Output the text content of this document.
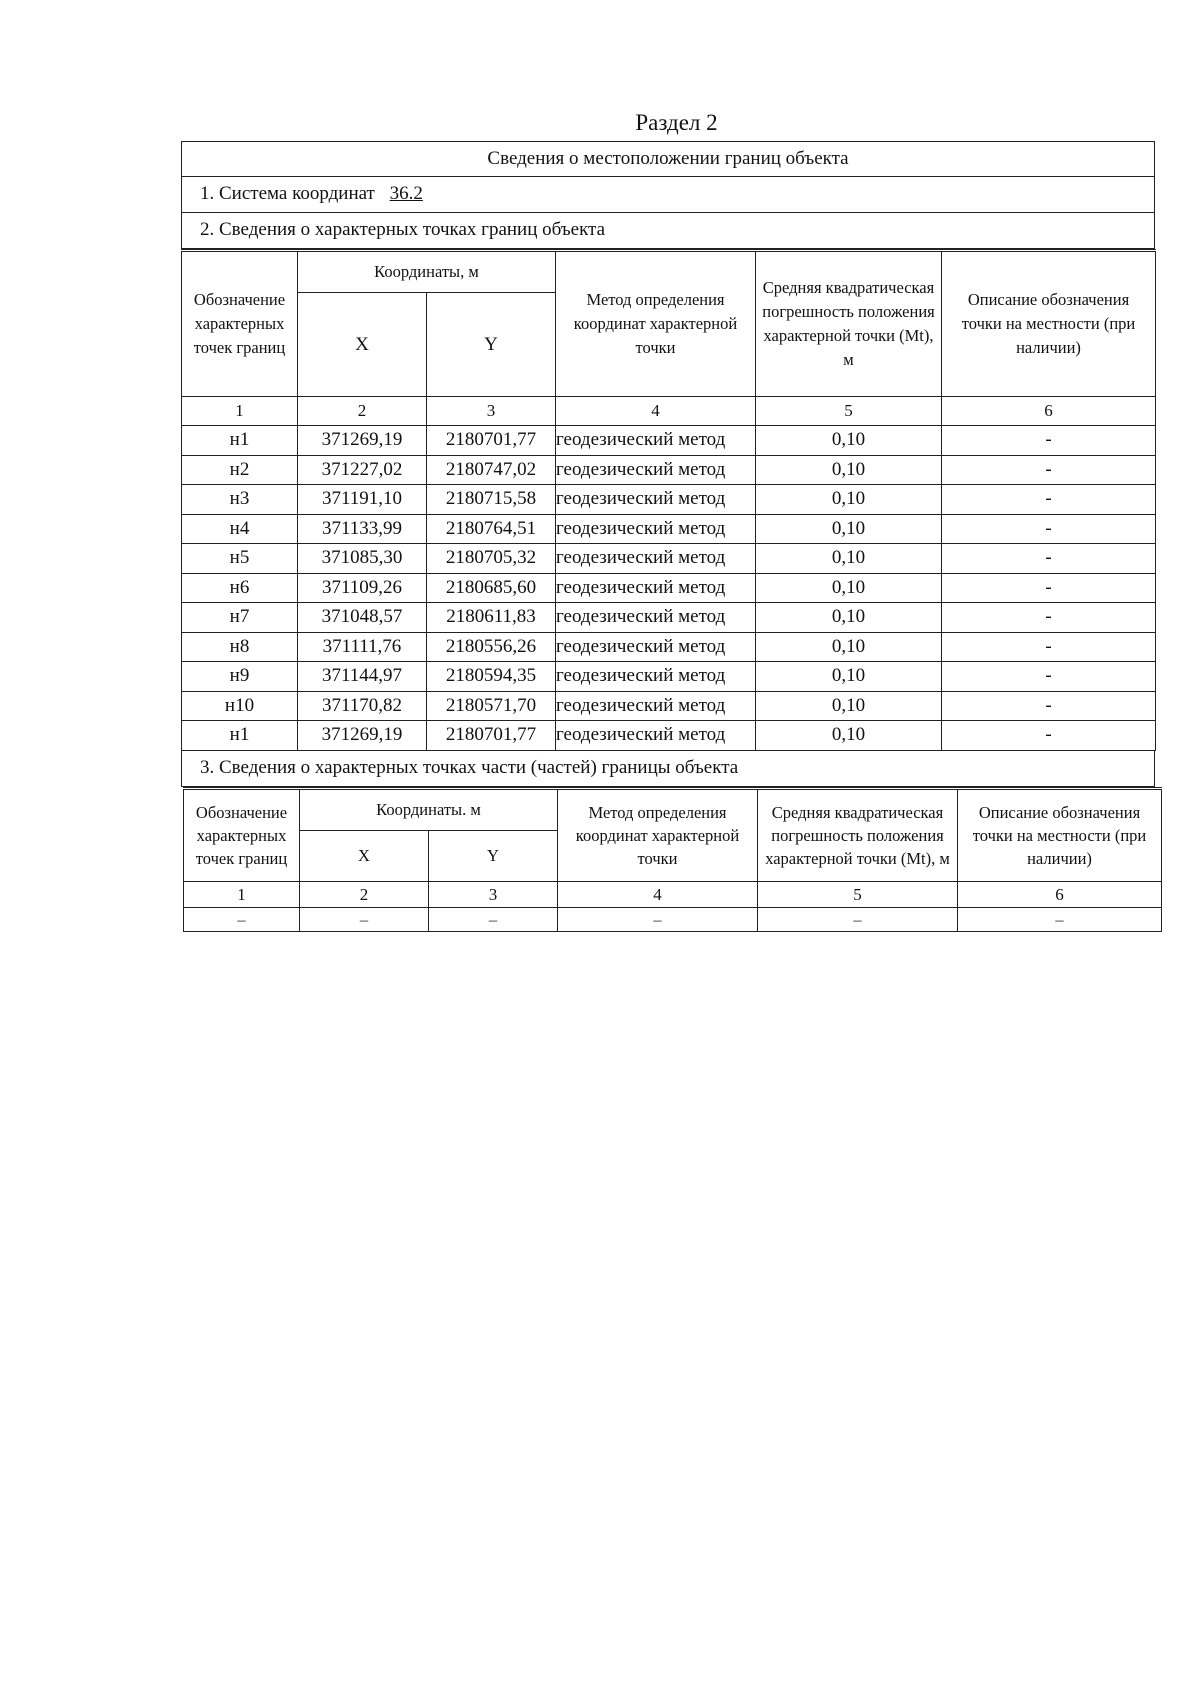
Раздел 2
Сведения о местоположении границ объекта
1. Система координат 36.2
2. Сведения о характерных точках границ объекта
Обозначение характерных точек границ	Координаты, м		Метод определения координат характерной точки	Средняя квадратическая погрешность положения характерной точки (Mt), м	Описание обозначения точки на местности (при наличии)
	X	Y			
1	2	3	4	5	6
н1	371269,19	2180701,77	геодезический метод	0,10	-
н2	371227,02	2180747,02	геодезический метод	0,10	-
н3	371191,10	2180715,58	геодезический метод	0,10	-
н4	371133,99	2180764,51	геодезический метод	0,10	-
н5	371085,30	2180705,32	геодезический метод	0,10	-
н6	371109,26	2180685,60	геодезический метод	0,10	-
н7	371048,57	2180611,83	геодезический метод	0,10	-
н8	371111,76	2180556,26	геодезический метод	0,10	-
н9	371144,97	2180594,35	геодезический метод	0,10	-
н10	371170,82	2180571,70	геодезический метод	0,10	-
н1	371269,19	2180701,77	геодезический метод	0,10	-
3. Сведения о характерных точках части (частей) границы объекта
Обозначение характерных точек границ	Координаты. м		Метод определения координат характерной точки	Средняя квадратическая погрешность положения характерной точки (Mt), м	Описание обозначения точки на местности (при наличии)
	X	Y			
1	2	3	4	5	6
–	–	–	–	–	–
